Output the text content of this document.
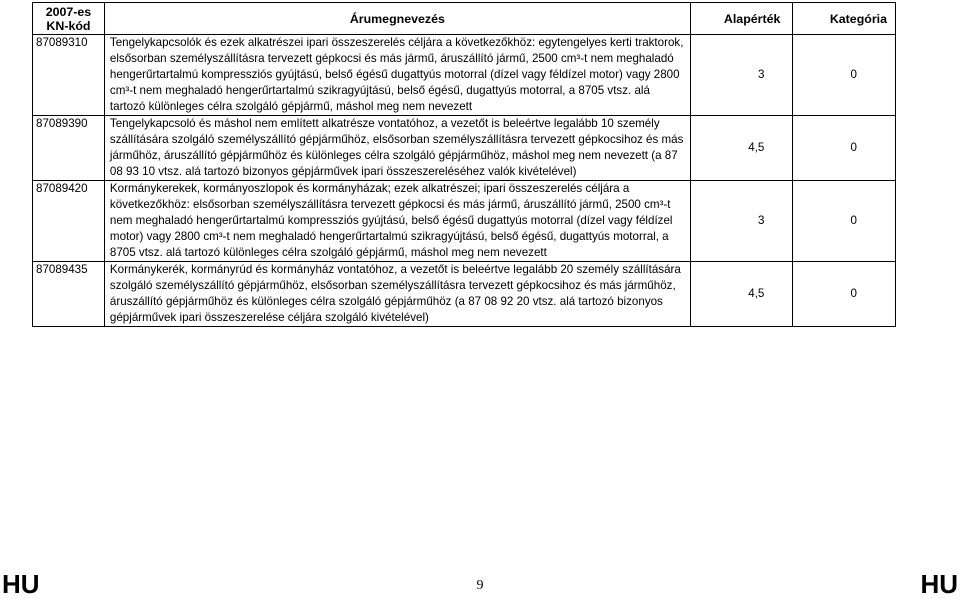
2007-es KN-kód	Árumegnevezés	Alapérték	Kategória
87089310	Tengelykapcsolók és ezek alkatrészei ipari összeszerelés céljára a következőkhöz: egytengelyes kerti traktorok, elsősorban személyszállításra tervezett gépkocsi és más jármű, áruszállító jármű, 2500 cm³-t nem meghaladó hengerűrtartalmú kompressziós gyújtású, belső égésű dugattyús motorral (dízel vagy féldízel motor) vagy 2800 cm³-t nem meghaladó hengerűrtartalmú szikragyújtású, belső égésű, dugattyús motorral, a 8705 vtsz. alá tartozó különleges célra szolgáló gépjármű, máshol meg nem nevezett	3	0
87089390	Tengelykapcsoló és máshol nem említett alkatrésze vontatóhoz, a vezetőt is beleértve legalább 10 személy szállítására szolgáló személyszállító gépjárműhöz, elsősorban személyszállításra tervezett gépkocsihoz és más járműhöz, áruszállító gépjárműhöz és különleges célra szolgáló gépjárműhöz, máshol meg nem nevezett (a 87 08 93 10 vtsz. alá tartozó bizonyos gépjárművek ipari összeszereléséhez valók kivételével)	4,5	0
87089420	Kormánykerekek, kormányoszlopok és kormányházak; ezek alkatrészei; ipari összeszerelés céljára a következőkhöz: elsősorban személyszállításra tervezett gépkocsi és más jármű, áruszállító jármű, 2500 cm³-t nem meghaladó hengerűrtartalmú kompressziós gyújtású, belső égésű dugattyús motorral (dízel vagy féldízel motor) vagy 2800 cm³-t nem meghaladó hengerűrtartalmú szikragyújtású, belső égésű, dugattyús motorral, a 8705 vtsz. alá tartozó különleges célra szolgáló gépjármű, máshol meg nem nevezett	3	0
87089435	Kormánykerék, kormányrúd és kormányház vontatóhoz, a vezetőt is beleértve legalább 20 személy szállítására szolgáló személyszállító gépjárműhöz, elsősorban személyszállításra tervezett gépkocsihoz és más járműhöz, áruszállító gépjárműhöz és különleges célra szolgáló gépjárműhöz (a 87 08 92 20 vtsz. alá tartozó bizonyos gépjárművek ipari összeszerelése céljára szolgáló kivételével)	4,5	0
HU	9	HU
